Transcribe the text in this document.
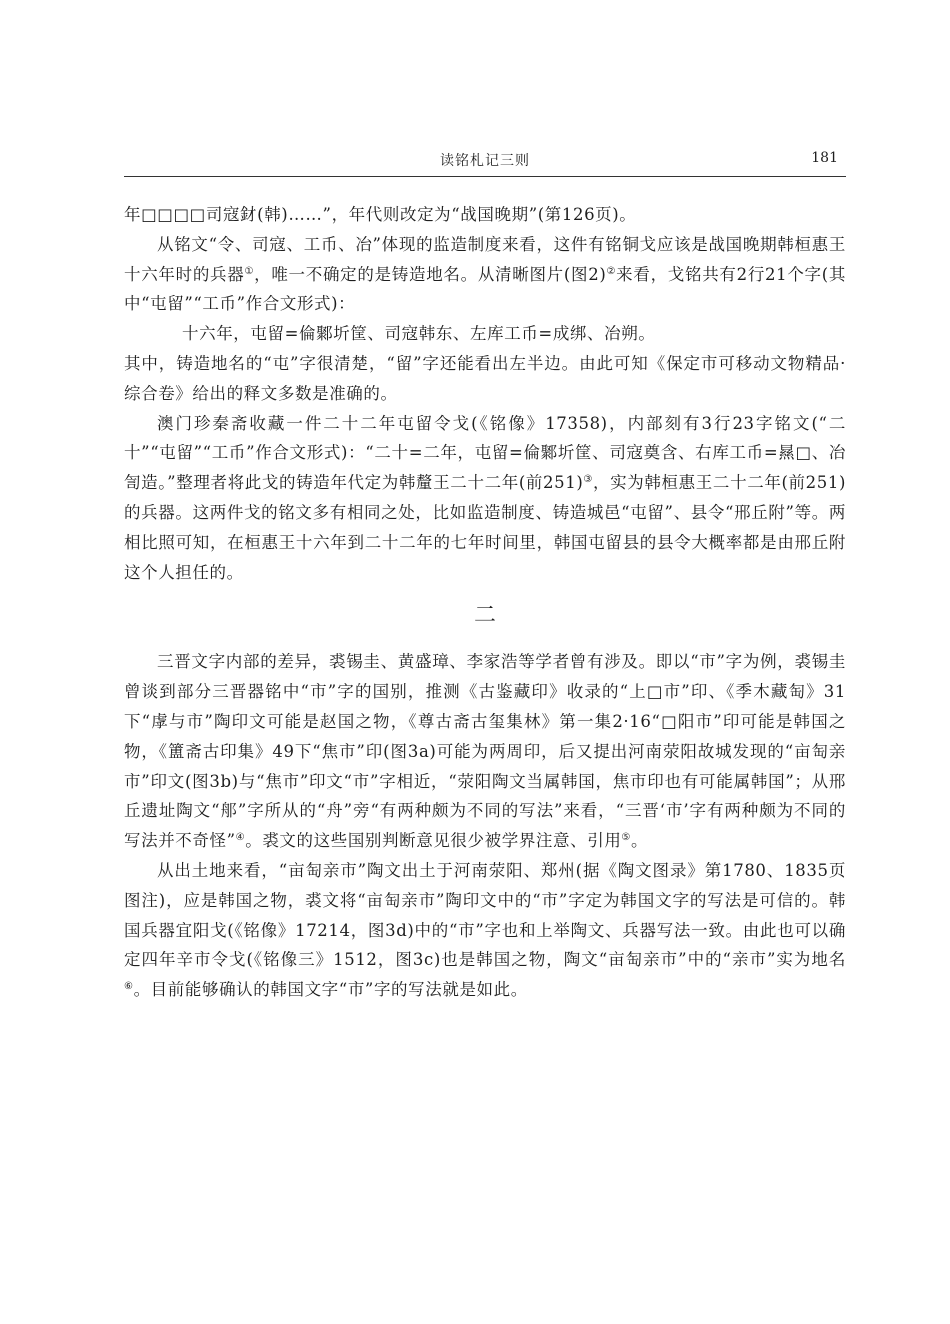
读铭札记三则	181

年□□□□司寇釮(韩)……”，年代则改定为“战国晚期”(第126页)。

从铭文“令、司寇、工币、冶”体现的监造制度来看，这件有铭铜戈应该是战国晚期韩桓惠王十六年时的兵器①，唯一不确定的是铸造地名。从清晰图片(图2)②来看，戈铭共有2行21个字(其中“屯留”“工币”作合文形式)：

十六年，屯留=倫鄹圻筐、司寇韩东、左库工币=成绑、冶朔。

其中，铸造地名的“屯”字很清楚，“留”字还能看出左半边。由此可知《保定市可移动文物精品·综合卷》给出的释文多数是准确的。

澳门珍秦斋收藏一件二十二年屯留令戈(《铭像》17358)，内部刻有3行23字铭文(“二十”“屯留”“工币”作合文形式)：“二十=二年，屯留=倫鄹圻筐、司寇奠含、右库工币=㬎□、冶訇造。”整理者将此戈的铸造年代定为韩釐王二十二年(前251)③，实为韩桓惠王二十二年(前251)的兵器。这两件戈的铭文多有相同之处，比如监造制度、铸造城邑“屯留”、县令“邢丘附”等。两相比照可知，在桓惠王十六年到二十二年的七年时间里，韩国屯留县的县令大概率都是由邢丘附这个人担任的。

二

三晋文字内部的差异，裘锡圭、黄盛璋、李家浩等学者曾有涉及。即以“市”字为例，裘锡圭曾谈到部分三晋器铭中“市”字的国别，推测《古鉴藏印》收录的“上□市”印、《季木藏匋》31下“虖与市”陶印文可能是赵国之物，《尊古斋古玺集林》第一集2·16“□阳市”印可能是韩国之物，《簠斋古印集》49下“焦市”印(图3a)可能为两周印，后又提出河南荥阳故城发现的“亩匋亲市”印文(图3b)与“焦市”印文“市”字相近，“荥阳陶文当属韩国，焦市印也有可能属韩国”；从邢丘遗址陶文“郍”字所从的“舟”旁“有两种颇为不同的写法”来看，“三晋‘市’字有两种颇为不同的写法并不奇怪”④。裘文的这些国别判断意见很少被学界注意、引用⑤。

从出土地来看，“亩匋亲市”陶文出土于河南荥阳、郑州(据《陶文图录》第1780、1835页图注)，应是韩国之物，裘文将“亩匋亲市”陶印文中的“市”字定为韩国文字的写法是可信的。韩国兵器宜阳戈(《铭像》17214，图3d)中的“市”字也和上举陶文、兵器写法一致。由此也可以确定四年辛市令戈(《铭像三》1512，图3c)也是韩国之物，陶文“亩匋亲市”中的“亲市”实为地名⑥。目前能够确认的韩国文字“市”字的写法就是如此。
